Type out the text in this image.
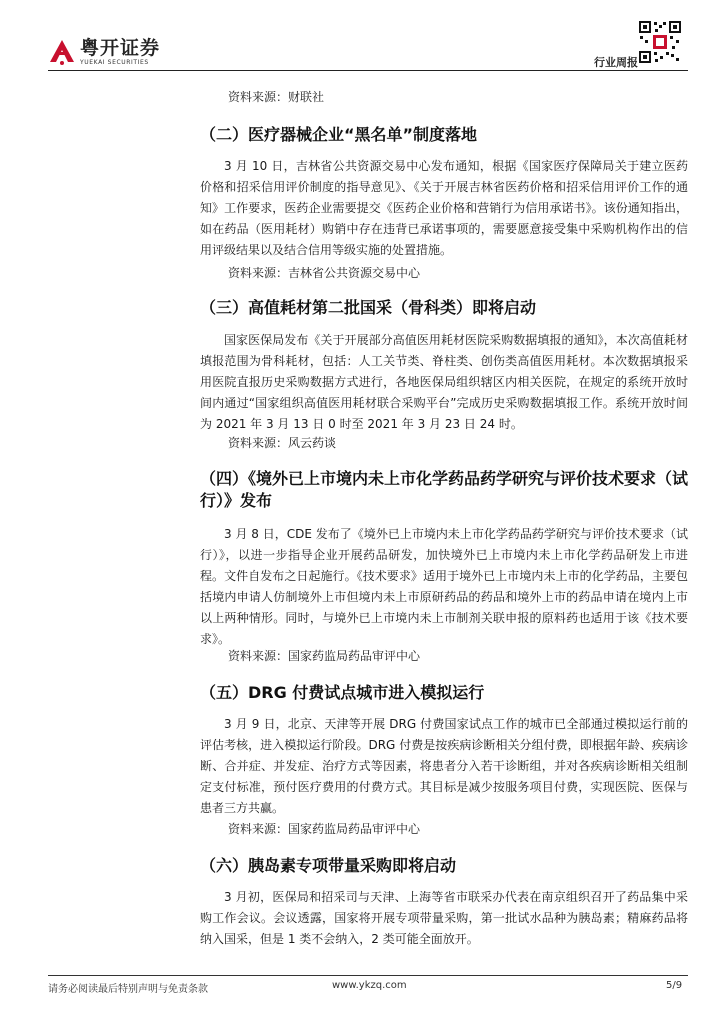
粤开证券
YUEKAI SECURITIES	行业周报

资料来源：财联社

（二）医疗器械企业“黑名单”制度落地

3 月 10 日，吉林省公共资源交易中心发布通知，根据《国家医疗保障局关于建立医药价格和招采信用评价制度的指导意见》、《关于开展吉林省医药价格和招采信用评价工作的通知》工作要求，医药企业需要提交《医药企业价格和营销行为信用承诺书》。该份通知指出，如在药品（医用耗材）购销中存在违背已承诺事项的，需要愿意接受集中采购机构作出的信用评级结果以及结合信用等级实施的处置措施。

资料来源：吉林省公共资源交易中心

（三）高值耗材第二批国采（骨科类）即将启动

国家医保局发布《关于开展部分高值医用耗材医院采购数据填报的通知》，本次高值耗材填报范围为骨科耗材，包括：人工关节类、脊柱类、创伤类高值医用耗材。本次数据填报采用医院直报历史采购数据方式进行，各地医保局组织辖区内相关医院，在规定的系统开放时间内通过“国家组织高值医用耗材联合采购平台”完成历史采购数据填报工作。系统开放时间为 2021 年 3 月 13 日 0 时至 2021 年 3 月 23 日 24 时。

资料来源：风云药谈

（四）《境外已上市境内未上市化学药品药学研究与评价技术要求（试行）》发布

3 月 8 日，CDE 发布了《境外已上市境内未上市化学药品药学研究与评价技术要求（试行）》，以进一步指导企业开展药品研发，加快境外已上市境内未上市化学药品研发上市进程。文件自发布之日起施行。《技术要求》适用于境外已上市境内未上市的化学药品，主要包括境内申请人仿制境外上市但境内未上市原研药品的药品和境外上市的药品申请在境内上市以上两种情形。同时，与境外已上市境内未上市制剂关联申报的原料药也适用于该《技术要求》。

资料来源：国家药监局药品审评中心

（五）DRG 付费试点城市进入模拟运行

3 月 9 日，北京、天津等开展 DRG 付费国家试点工作的城市已全部通过模拟运行前的评估考核，进入模拟运行阶段。DRG 付费是按疾病诊断相关分组付费，即根据年龄、疾病诊断、合并症、并发症、治疗方式等因素，将患者分入若干诊断组，并对各疾病诊断相关组制定支付标准，预付医疗费用的付费方式。其目标是减少按服务项目付费，实现医院、医保与患者三方共赢。

资料来源：国家药监局药品审评中心

（六）胰岛素专项带量采购即将启动

3 月初，医保局和招采司与天津、上海等省市联采办代表在南京组织召开了药品集中采购工作会议。会议透露，国家将开展专项带量采购，第一批试水品种为胰岛素；精麻药品将纳入国采，但是 1 类不会纳入，2 类可能全面放开。

请务必阅读最后特别声明与免责条款	www.ykzq.com	5/9
